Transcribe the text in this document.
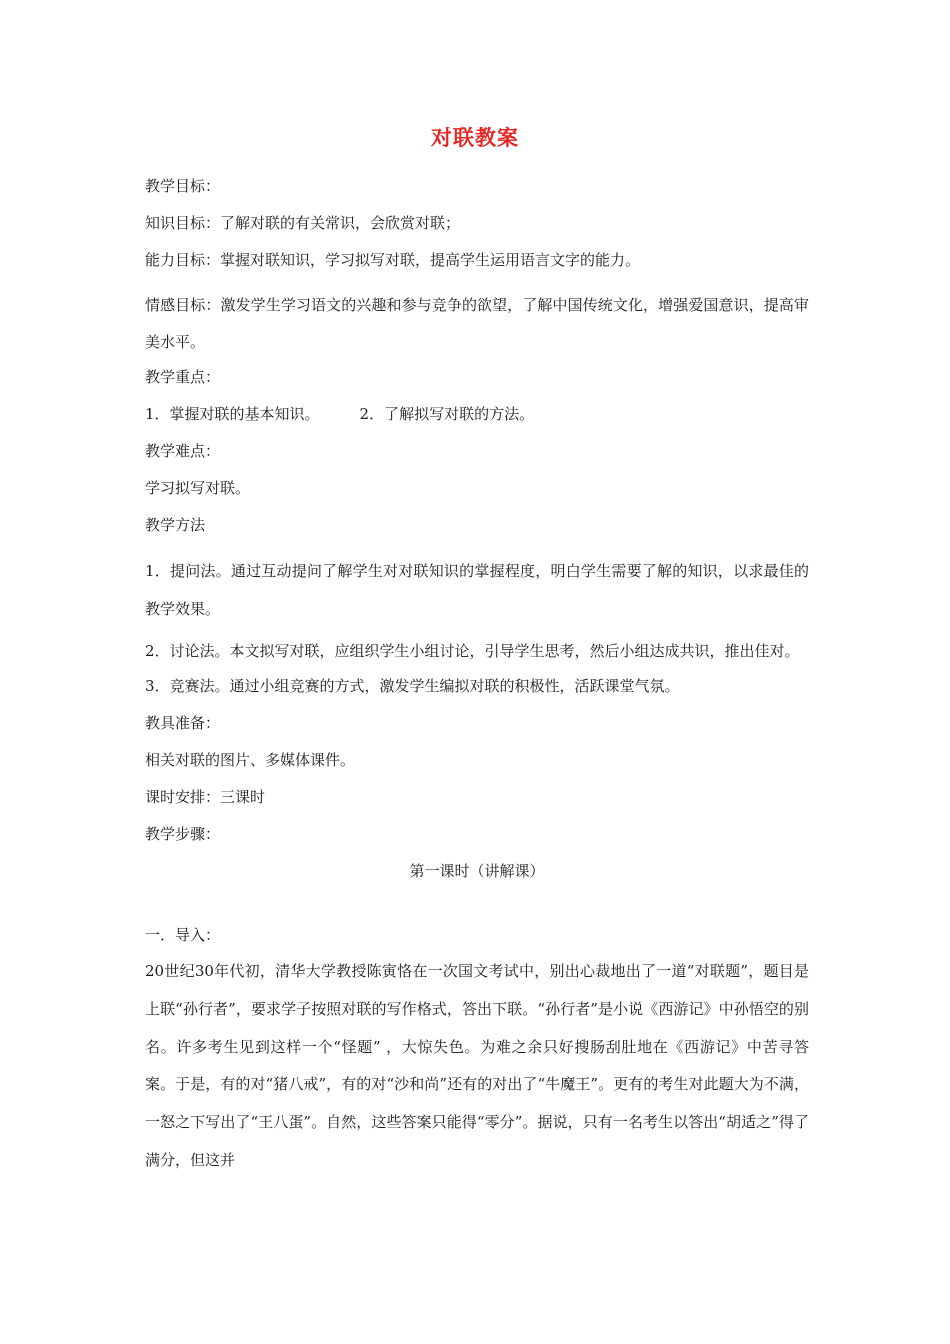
对联教案
教学目标：
知识目标：了解对联的有关常识，会欣赏对联；
能力目标：掌握对联知识，学习拟写对联，提高学生运用语言文字的能力。
情感目标：激发学生学习语文的兴趣和参与竞争的欲望，了解中国传统文化，增强爱国意识，提高审美水平。
教学重点：
1．掌握对联的基本知识。	2．了解拟写对联的方法。
教学难点：
学习拟写对联。
教学方法
1．提问法。通过互动提问了解学生对对联知识的掌握程度，明白学生需要了解的知识，以求最佳的教学效果。
2．讨论法。本文拟写对联，应组织学生小组讨论，引导学生思考，然后小组达成共识，推出佳对。
3．竞赛法。通过小组竞赛的方式，激发学生编拟对联的积极性，活跃课堂气氛。
教具准备：
相关对联的图片、多媒体课件。
课时安排：三课时
教学步骤：
第一课时（讲解课）
一．导入：
20世纪30年代初，清华大学教授陈寅恪在一次国文考试中，别出心裁地出了一道“对联题”，题目是上联“孙行者”，要求学子按照对联的写作格式，答出下联。“孙行者”是小说《西游记》中孙悟空的别名。许多考生见到这样一个“怪题” ，大惊失色。为难之余只好搜肠刮肚地在《西游记》中苦寻答案。于是，有的对“猪八戒”，有的对“沙和尚”还有的对出了“牛魔王”。更有的考生对此题大为不满，一怒之下写出了“王八蛋”。自然，这些答案只能得“零分”。据说，只有一名考生以答出“胡适之”得了满分，但这并
